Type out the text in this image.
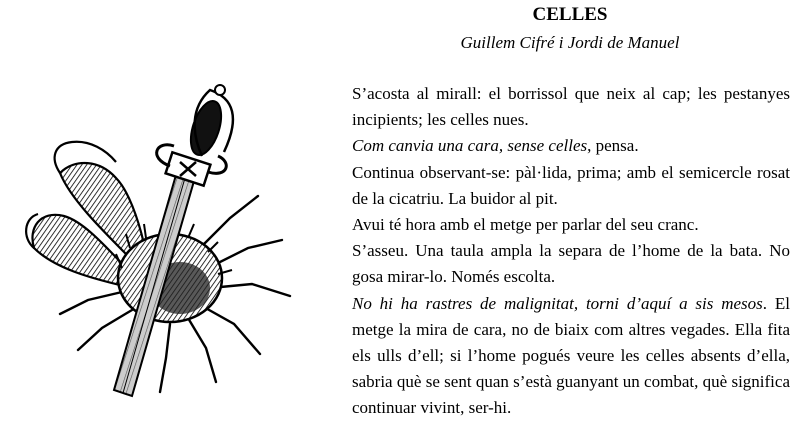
CELLES
Guillem Cifré i Jordi de Manuel

S’acosta al mirall: el borrissol que neix al cap; les pestanyes incipients; les celles nues.

Com canvia una cara, sense celles, pensa.

Continua observant-se: pàl·lida, prima; amb el semicercle rosat de la cicatriu. La buidor al pit.

Avui té hora amb el metge per parlar del seu cranc.

S’asseu. Una taula ampla la separa de l’home de la bata. No gosa mirar-lo. Només escolta.

No hi ha rastres de malignitat, torni d’aquí a sis mesos. El metge la mira de cara, no de biaix com altres vegades. Ella fita els ulls d’ell; si l’home pogués veure les celles absents d’ella, sabria què se sent quan s’està guanyant un combat, què significa continuar vivint, ser-hi.
